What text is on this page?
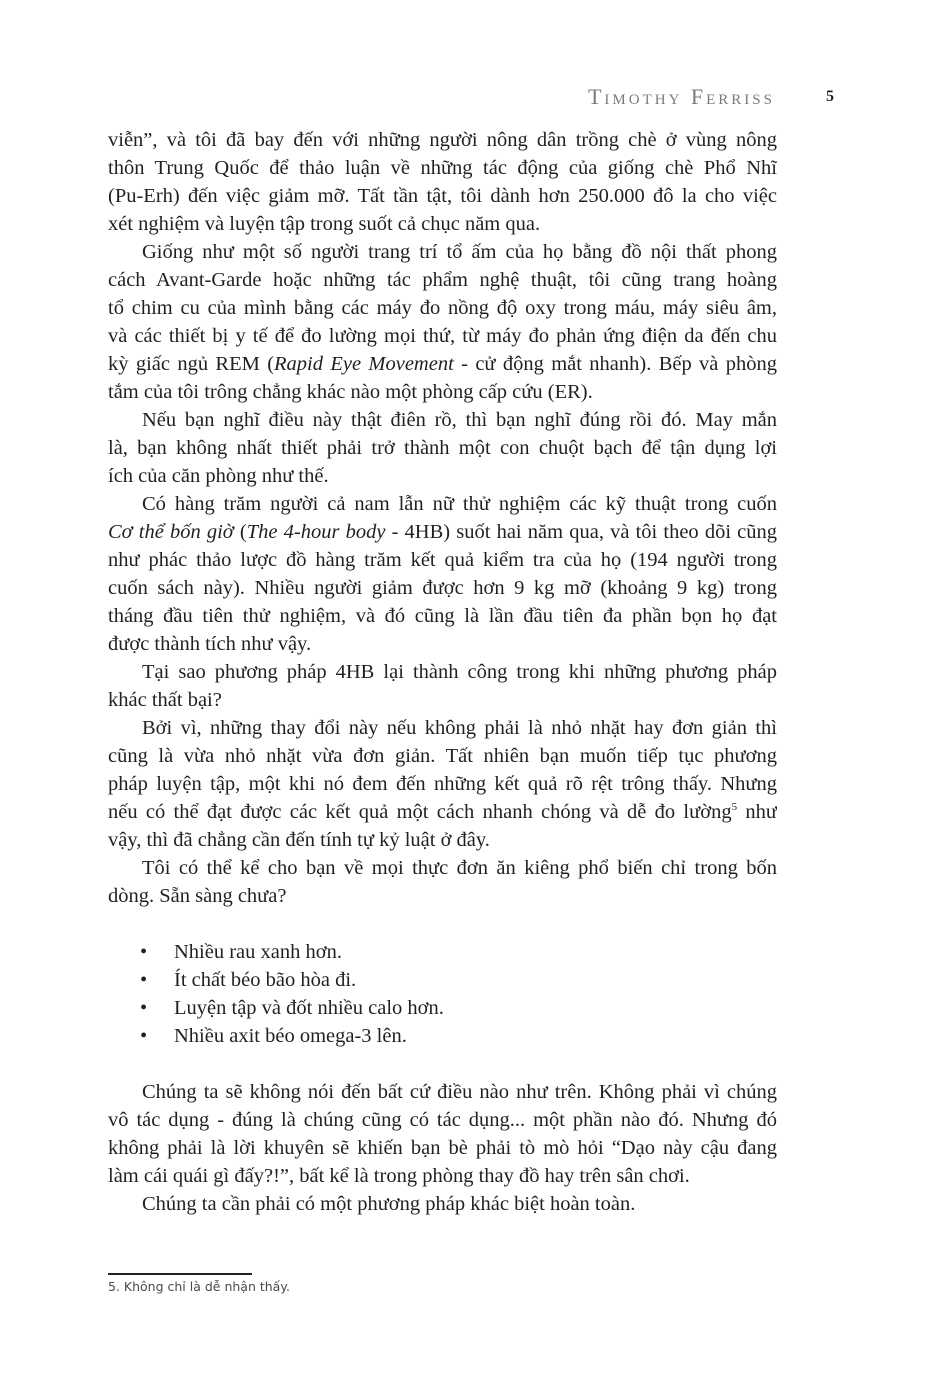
Timothy Ferriss	5
viễn”, và tôi đã bay đến với những người nông dân trồng chè ở vùng nông
thôn Trung Quốc để thảo luận về những tác động của giống chè Phổ Nhĩ
(Pu-Erh) đến việc giảm mỡ. Tất tần tật, tôi dành hơn 250.000 đô la cho việc
xét nghiệm và luyện tập trong suốt cả chục năm qua.
Giống như một số người trang trí tổ ấm của họ bằng đồ nội thất phong
cách Avant-Garde hoặc những tác phẩm nghệ thuật, tôi cũng trang hoàng
tổ chim cu của mình bằng các máy đo nồng độ oxy trong máu, máy siêu âm,
và các thiết bị y tế để đo lường mọi thứ, từ máy đo phản ứng điện da đến chu
kỳ giấc ngủ REM (Rapid Eye Movement - cử động mắt nhanh). Bếp và phòng
tắm của tôi trông chẳng khác nào một phòng cấp cứu (ER).
Nếu bạn nghĩ điều này thật điên rồ, thì bạn nghĩ đúng rồi đó. May mắn
là, bạn không nhất thiết phải trở thành một con chuột bạch để tận dụng lợi
ích của căn phòng như thế.
Có hàng trăm người cả nam lẫn nữ thử nghiệm các kỹ thuật trong cuốn
Cơ thể bốn giờ (The 4-hour body - 4HB) suốt hai năm qua, và tôi theo dõi cũng
như phác thảo lược đồ hàng trăm kết quả kiểm tra của họ (194 người trong
cuốn sách này). Nhiều người giảm được hơn 9 kg mỡ (khoảng 9 kg) trong
tháng đầu tiên thử nghiệm, và đó cũng là lần đầu tiên đa phần bọn họ đạt
được thành tích như vậy.
Tại sao phương pháp 4HB lại thành công trong khi những phương pháp
khác thất bại?
Bởi vì, những thay đổi này nếu không phải là nhỏ nhặt hay đơn giản thì
cũng là vừa nhỏ nhặt vừa đơn giản. Tất nhiên bạn muốn tiếp tục phương
pháp luyện tập, một khi nó đem đến những kết quả rõ rệt trông thấy. Nhưng
nếu có thể đạt được các kết quả một cách nhanh chóng và dễ đo lường$^5$ như
vậy, thì đã chẳng cần đến tính tự kỷ luật ở đây.
Tôi có thể kể cho bạn về mọi thực đơn ăn kiêng phổ biến chỉ trong bốn
dòng. Sẵn sàng chưa?
•	Nhiều rau xanh hơn.
•	Ít chất béo bão hòa đi.
•	Luyện tập và đốt nhiều calo hơn.
•	Nhiều axit béo omega-3 lên.
Chúng ta sẽ không nói đến bất cứ điều nào như trên. Không phải vì chúng
vô tác dụng - đúng là chúng cũng có tác dụng... một phần nào đó. Nhưng đó
không phải là lời khuyên sẽ khiến bạn bè phải tò mò hỏi “Dạo này cậu đang
làm cái quái gì đấy?!”, bất kể là trong phòng thay đồ hay trên sân chơi.
Chúng ta cần phải có một phương pháp khác biệt hoàn toàn.
5. Không chỉ là dễ nhận thấy.
